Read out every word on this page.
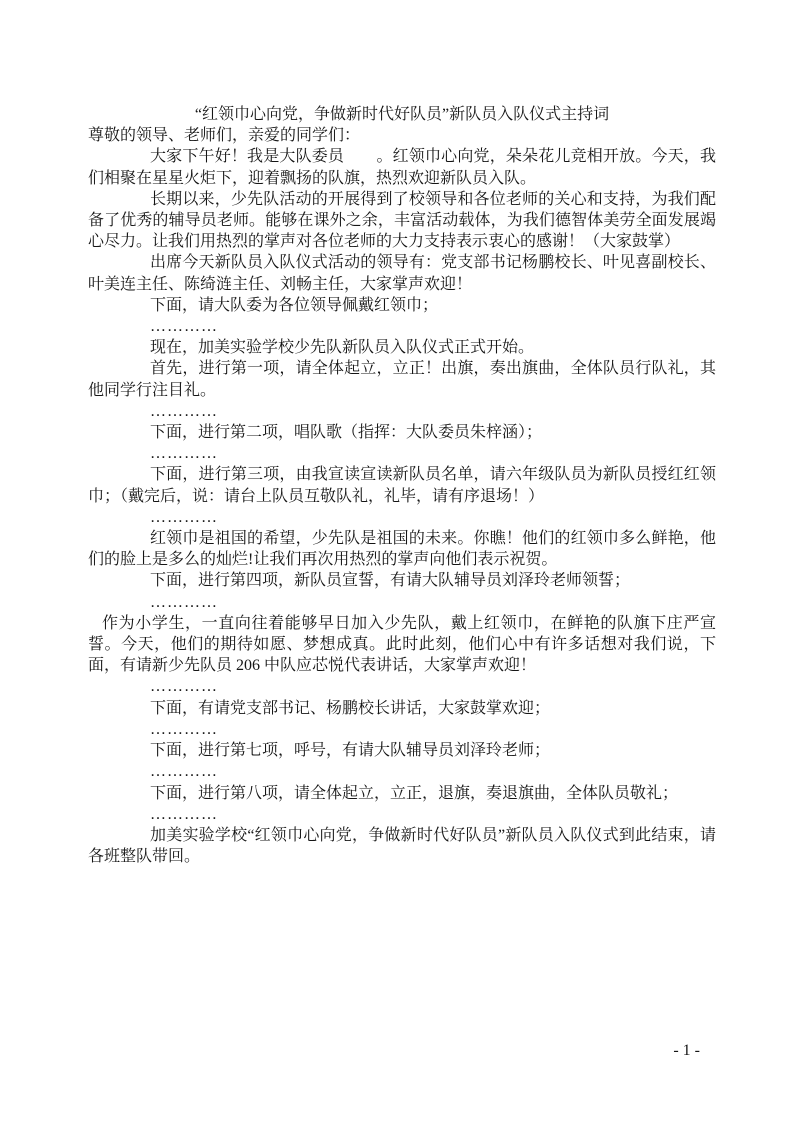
“红领巾心向党，争做新时代好队员”新队员入队仪式主持词

尊敬的领导、老师们，亲爱的同学们：

大家下午好！我是大队委员　　。红领巾心向党，朵朵花儿竞相开放。今天，我们相聚在星星火炬下，迎着飘扬的队旗，热烈欢迎新队员入队。

长期以来，少先队活动的开展得到了校领导和各位老师的关心和支持，为我们配备了优秀的辅导员老师。能够在课外之余，丰富活动载体，为我们德智体美劳全面发展竭心尽力。让我们用热烈的掌声对各位老师的大力支持表示衷心的感谢！（大家鼓掌）

出席今天新队员入队仪式活动的领导有：党支部书记杨鹏校长、叶见喜副校长、叶美连主任、陈绮涟主任、刘畅主任，大家掌声欢迎！

下面，请大队委为各位领导佩戴红领巾；

…………

现在，加美实验学校少先队新队员入队仪式正式开始。

首先，进行第一项，请全体起立，立正！出旗，奏出旗曲，全体队员行队礼，其他同学行注目礼。

…………

下面，进行第二项，唱队歌（指挥：大队委员朱梓涵）；

…………

下面，进行第三项，由我宣读宣读新队员名单，请六年级队员为新队员授红红领巾；（戴完后，说：请台上队员互敬队礼，礼毕，请有序退场！）

…………

红领巾是祖国的希望，少先队是祖国的未来。你瞧！他们的红领巾多么鲜艳，他们的脸上是多么的灿烂!让我们再次用热烈的掌声向他们表示祝贺。

下面，进行第四项，新队员宣誓，有请大队辅导员刘泽玲老师领誓；

…………

作为小学生，一直向往着能够早日加入少先队，戴上红领巾，在鲜艳的队旗下庄严宣誓。今天，他们的期待如愿、梦想成真。此时此刻，他们心中有许多话想对我们说，下面，有请新少先队员 206 中队应芯悦代表讲话，大家掌声欢迎！

…………

下面，有请党支部书记、杨鹏校长讲话，大家鼓掌欢迎；

…………

下面，进行第七项，呼号，有请大队辅导员刘泽玲老师；

…………

下面，进行第八项，请全体起立，立正，退旗，奏退旗曲，全体队员敬礼；

…………

加美实验学校“红领巾心向党，争做新时代好队员”新队员入队仪式到此结束，请各班整队带回。

- 1 -
